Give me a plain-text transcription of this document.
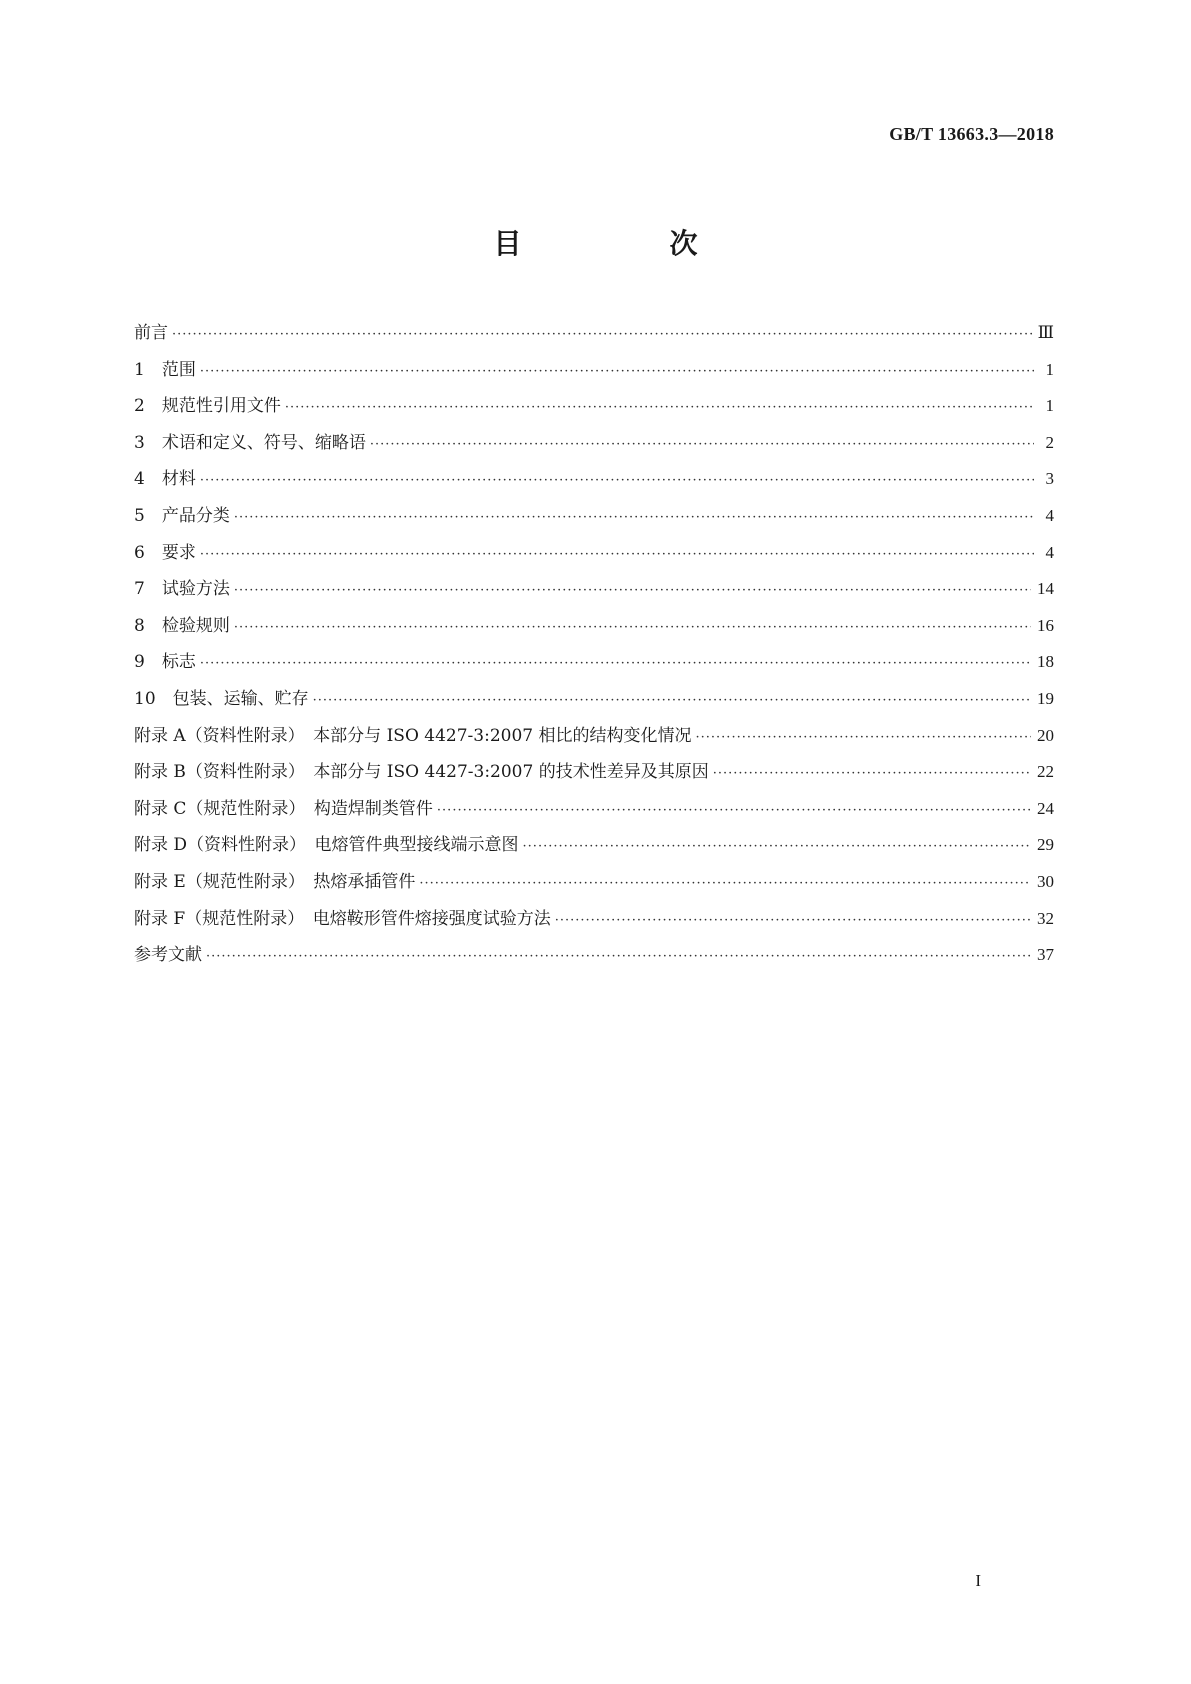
GB/T 13663.3—2018
目　次
前言 ·····	Ⅲ
1　范围 ·····	1
2　规范性引用文件 ·····	1
3　术语和定义、符号、缩略语 ·····	2
4　材料 ·····	3
5　产品分类 ·····	4
6　要求 ·····	4
7　试验方法 ·····	14
8　检验规则 ·····	16
9　标志 ·····	18
10　包装、运输、贮存 ·····	19
附录 A（资料性附录）　本部分与 ISO 4427-3:2007 相比的结构变化情况 ·····	20
附录 B（资料性附录）　本部分与 ISO 4427-3:2007 的技术性差异及其原因 ·····	22
附录 C（规范性附录）　构造焊制类管件 ·····	24
附录 D（资料性附录）　电熔管件典型接线端示意图 ·····	29
附录 E（规范性附录）　热熔承插管件 ·····	30
附录 F（规范性附录）　电熔鞍形管件熔接强度试验方法 ·····	32
参考文献 ·····	37
I
